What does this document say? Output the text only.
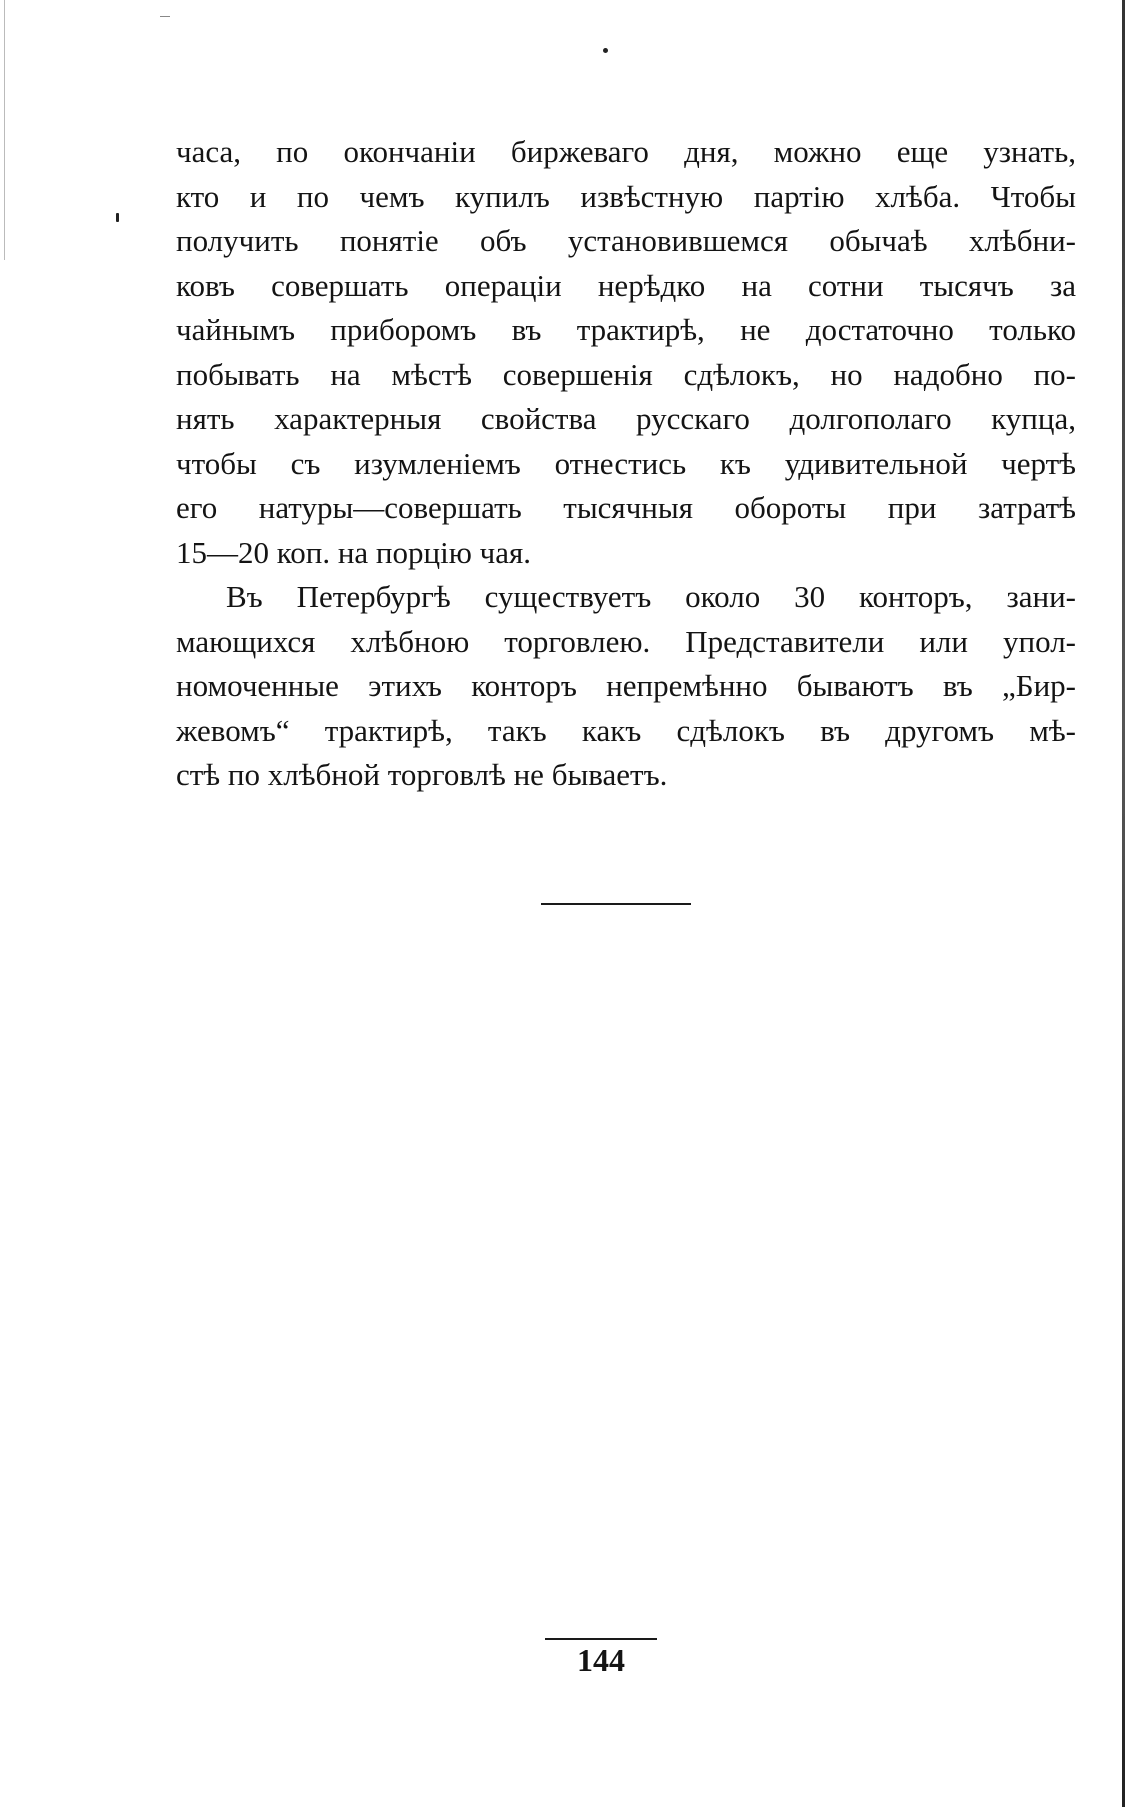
часа, по окончанiи биржеваго дня, можно еще узнать,
кто и по чемъ купилъ извѣстную партiю хлѣба. Чтобы
получить понятiе объ установившемся обычаѣ хлѣбни-
ковъ совершать операцiи нерѣдко на сотни тысячъ за
чайнымъ приборомъ въ трактирѣ, не достаточно только
побывать на мѣстѣ совершенiя сдѣлокъ, но надобно по-
нять характерныя свойства русскаго долгополаго купца,
чтобы съ изумленiемъ отнестись къ удивительной чертѣ
его натуры—совершать тысячныя обороты при затратѣ
15—20 коп. на порцiю чая.
Въ Петербургѣ существуетъ около 30 конторъ, зани-
мающихся хлѣбною торговлею. Представители или упол-
номоченные этихъ конторъ непремѣнно бываютъ въ „Бир-
жевомъ“ трактирѣ, такъ какъ сдѣлокъ въ другомъ мѣ-
стѣ по хлѣбной торговлѣ не бываетъ.
144
